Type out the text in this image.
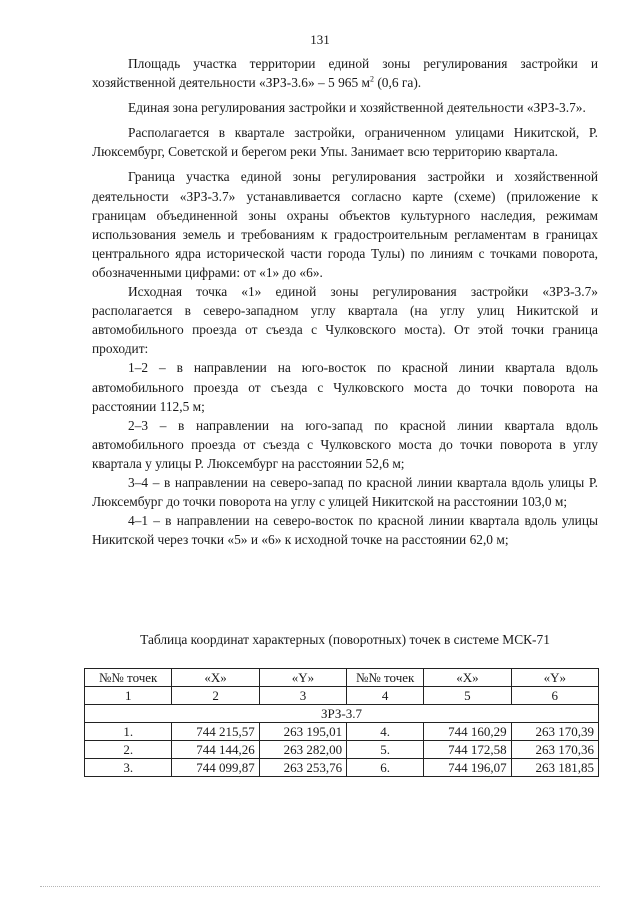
131

Площадь участка территории единой зоны регулирования застройки и хозяйственной деятельности «ЗРЗ-3.6» – 5 965 $м^2$ (0,6 га).

Единая зона регулирования застройки и хозяйственной деятельности «ЗРЗ-3.7».

Располагается в квартале застройки, ограниченном улицами Никитской, Р. Люксембург, Советской и берегом реки Упы. Занимает всю территорию квартала.

Граница участка единой зоны регулирования застройки и хозяйственной деятельности «ЗРЗ-3.7» устанавливается согласно карте (схеме) (приложение к границам объединенной зоны охраны объектов культурного наследия, режимам использования земель и требованиям к градостроительным регламентам в границах центрального ядра исторической части города Тулы) по линиям с точками поворота, обозначенными цифрами: от «1» до «6».

Исходная точка «1» единой зоны регулирования застройки «ЗРЗ-3.7» располагается в северо-западном углу квартала (на углу улиц Никитской и автомобильного проезда от съезда с Чулковского моста). От этой точки граница проходит:

1–2 – в направлении на юго-восток по красной линии квартала вдоль автомобильного проезда от съезда с Чулковского моста до точки поворота на расстоянии 112,5 м;

2–3 – в направлении на юго-запад по красной линии квартала вдоль автомобильного проезда от съезда с Чулковского моста до точки поворота в углу квартала у улицы Р. Люксембург на расстоянии 52,6 м;

3–4 – в направлении на северо-запад по красной линии квартала вдоль улицы Р. Люксембург до точки поворота на углу с улицей Никитской на расстоянии 103,0 м;

4–1 – в направлении на северо-восток по красной линии квартала вдоль улицы Никитской через точки «5» и «6» к исходной точке на расстоянии 62,0 м;

Таблица координат характерных (поворотных) точек в системе МСК-71
№№ точек	«X»	«Y»	№№ точек	«X»	«Y»
1	2	3	4	5	6
ЗРЗ-3.7					
1.	744 215,57	263 195,01	4.	744 160,29	263 170,39
2.	744 144,26	263 282,00	5.	744 172,58	263 170,36
3.	744 099,87	263 253,76	6.	744 196,07	263 181,85
